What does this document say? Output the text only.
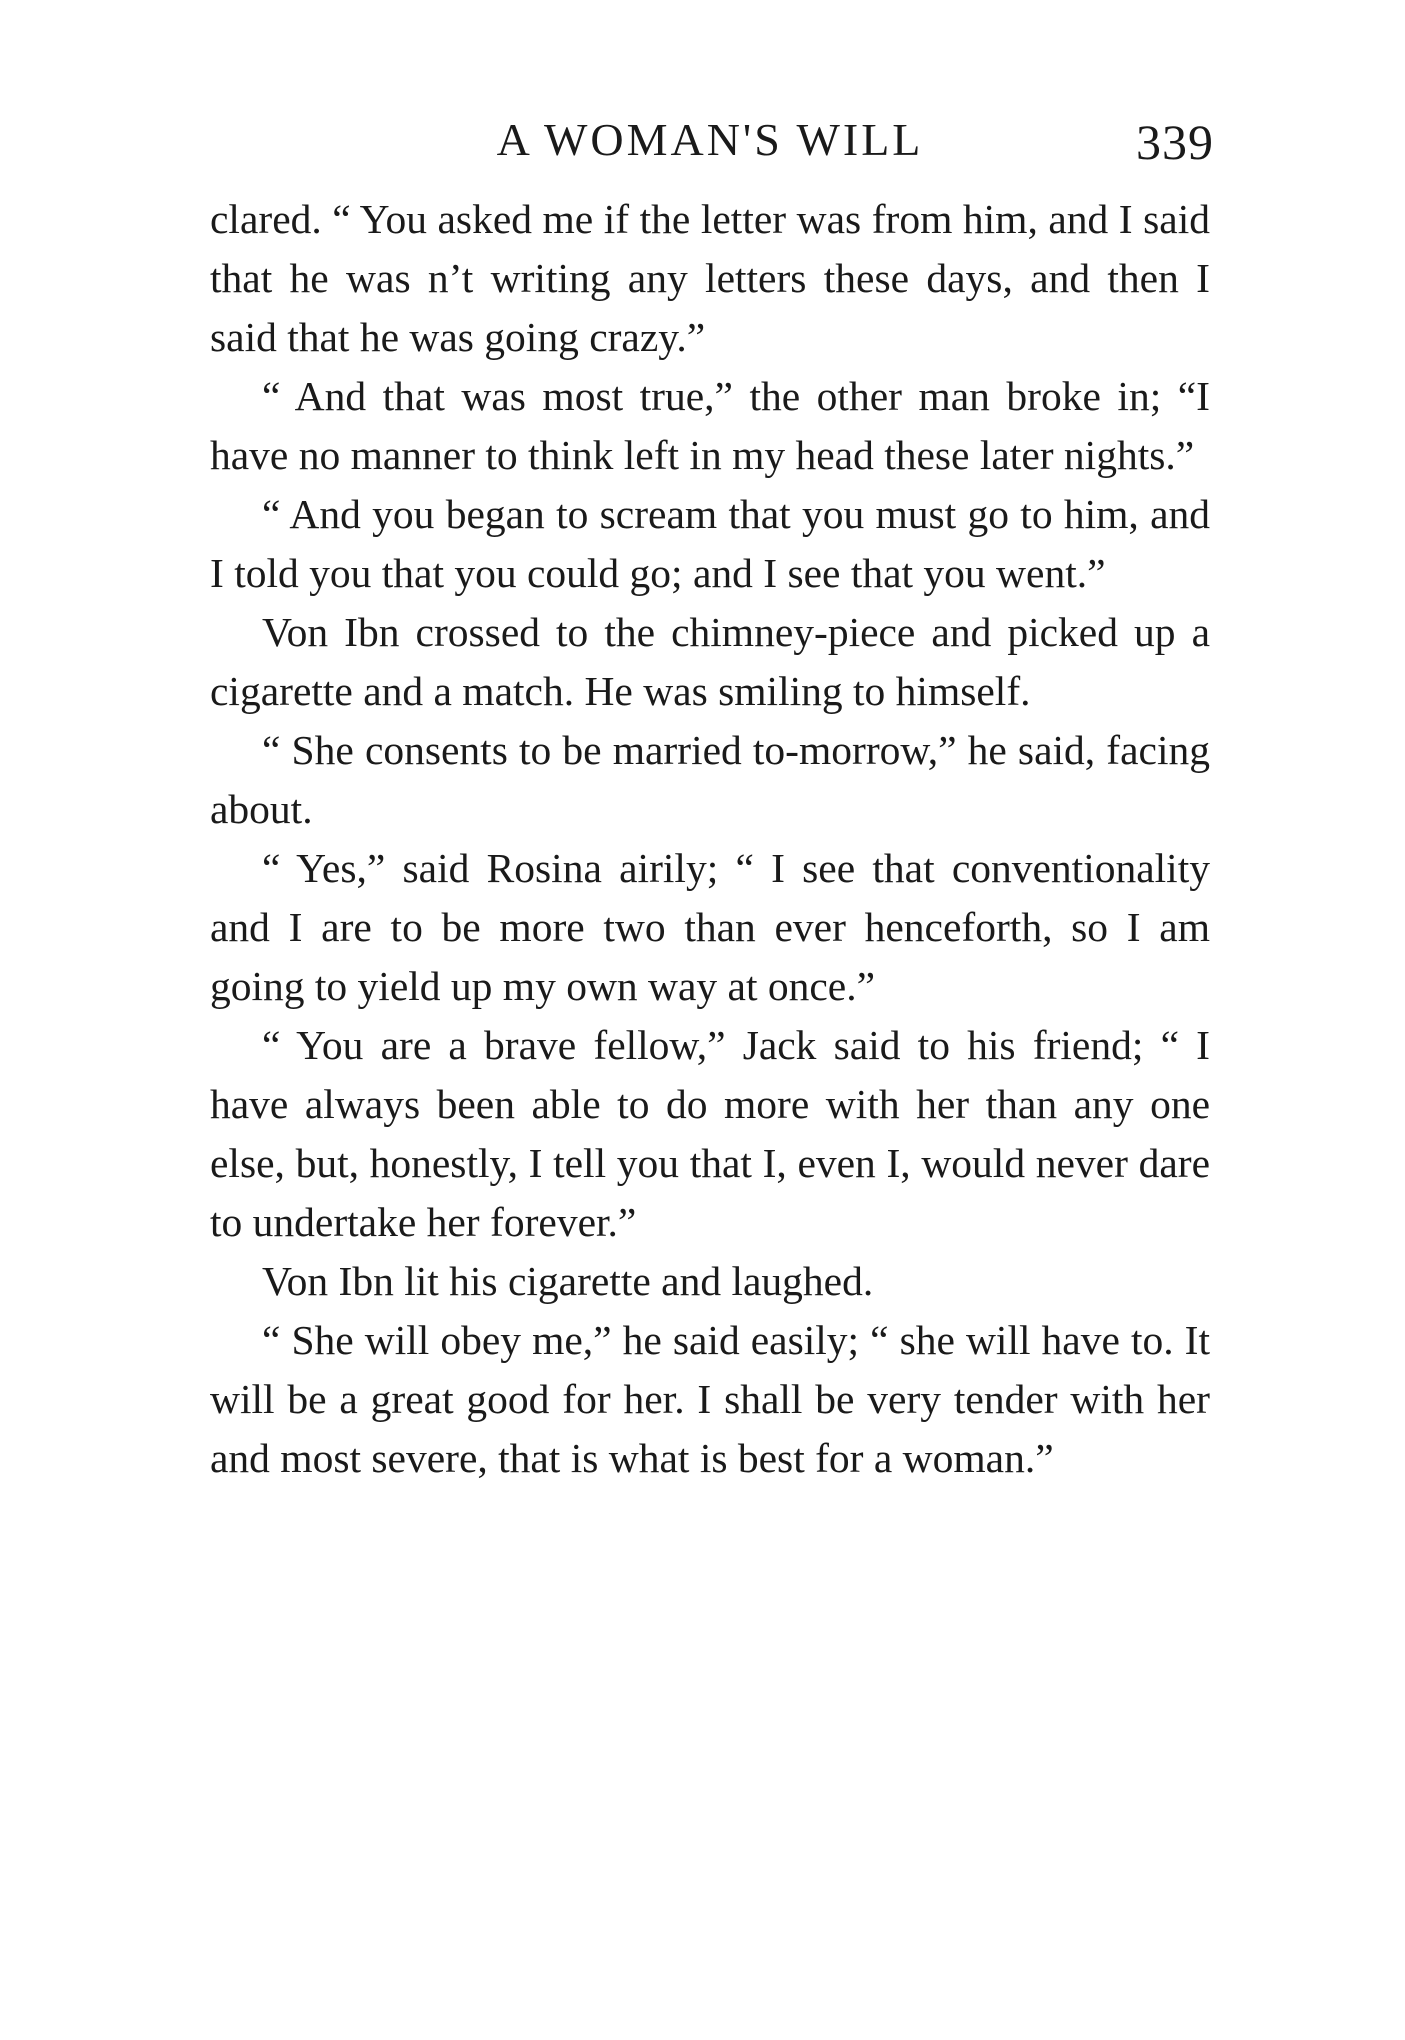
A WOMAN'S WILL	339

clared. “ You asked me if the letter was from him, and I said that he was n’t writing any letters these days, and then I said that he was going crazy.”

“ And that was most true,” the other man broke in; “I have no manner to think left in my head these later nights.”

“ And you began to scream that you must go to him, and I told you that you could go; and I see that you went.”

Von Ibn crossed to the chimney-piece and picked up a cigarette and a match. He was smiling to himself.

“ She consents to be married to-morrow,” he said, facing about.

“ Yes,” said Rosina airily; “ I see that conventionality and I are to be more two than ever henceforth, so I am going to yield up my own way at once.”

“ You are a brave fellow,” Jack said to his friend; “ I have always been able to do more with her than any one else, but, honestly, I tell you that I, even I, would never dare to undertake her forever.”

Von Ibn lit his cigarette and laughed.

“ She will obey me,” he said easily; “ she will have to. It will be a great good for her. I shall be very tender with her and most severe, that is what is best for a woman.”
